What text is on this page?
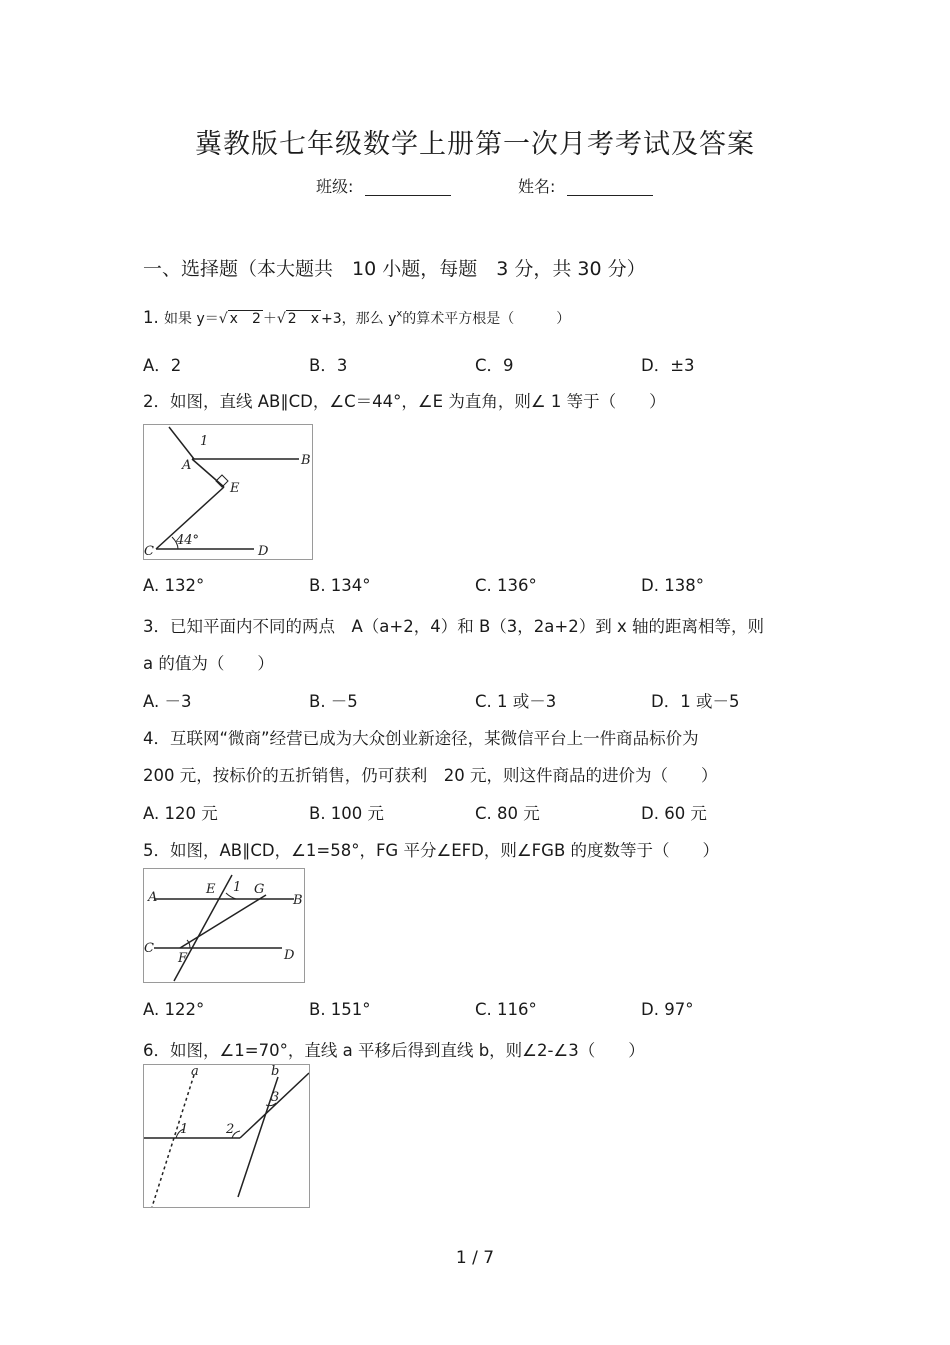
冀教版七年级数学上册第一次月考考试及答案
班级:	姓名:
一、选择题（本大题共　10 小题，每题　3 分，共 30 分）
1. 如果 y＝√ x　2 ＋√ 2　x +3，那么 $y^x$的算术平方根是（　　　）
A．2	B．3	C．9	D．±3
2．如图，直线 AB∥CD，∠C＝44°，∠E 为直角，则∠ 1 等于（　　）
1
A	B
E
44°
C	D
A. 132°	B. 134°	C. 136°	D. 138°
3．已知平面内不同的两点　A（a+2，4）和 B（3，2a+2）到 x 轴的距离相等，则
a 的值为（　　）
A. －3	B. －5	C. 1 或－3	D．1 或－5
4．互联网“微商”经营已成为大众创业新途径，某微信平台上一件商品标价为
200 元，按标价的五折销售，仍可获利　20 元，则这件商品的进价为（　　）
A. 120 元	B. 100 元	C. 80 元	D. 60 元
5．如图，AB∥CD，∠1=58°，FG 平分∠EFD，则∠FGB 的度数等于（　　）
A
E 1 G
B
C
F	D
A. 122°	B. 151°	C. 116°	D. 97°
6．如图，∠1=70°，直线 a 平移后得到直线 b，则∠2-∠3（　　）
a	b
1	2
3
1 / 7
